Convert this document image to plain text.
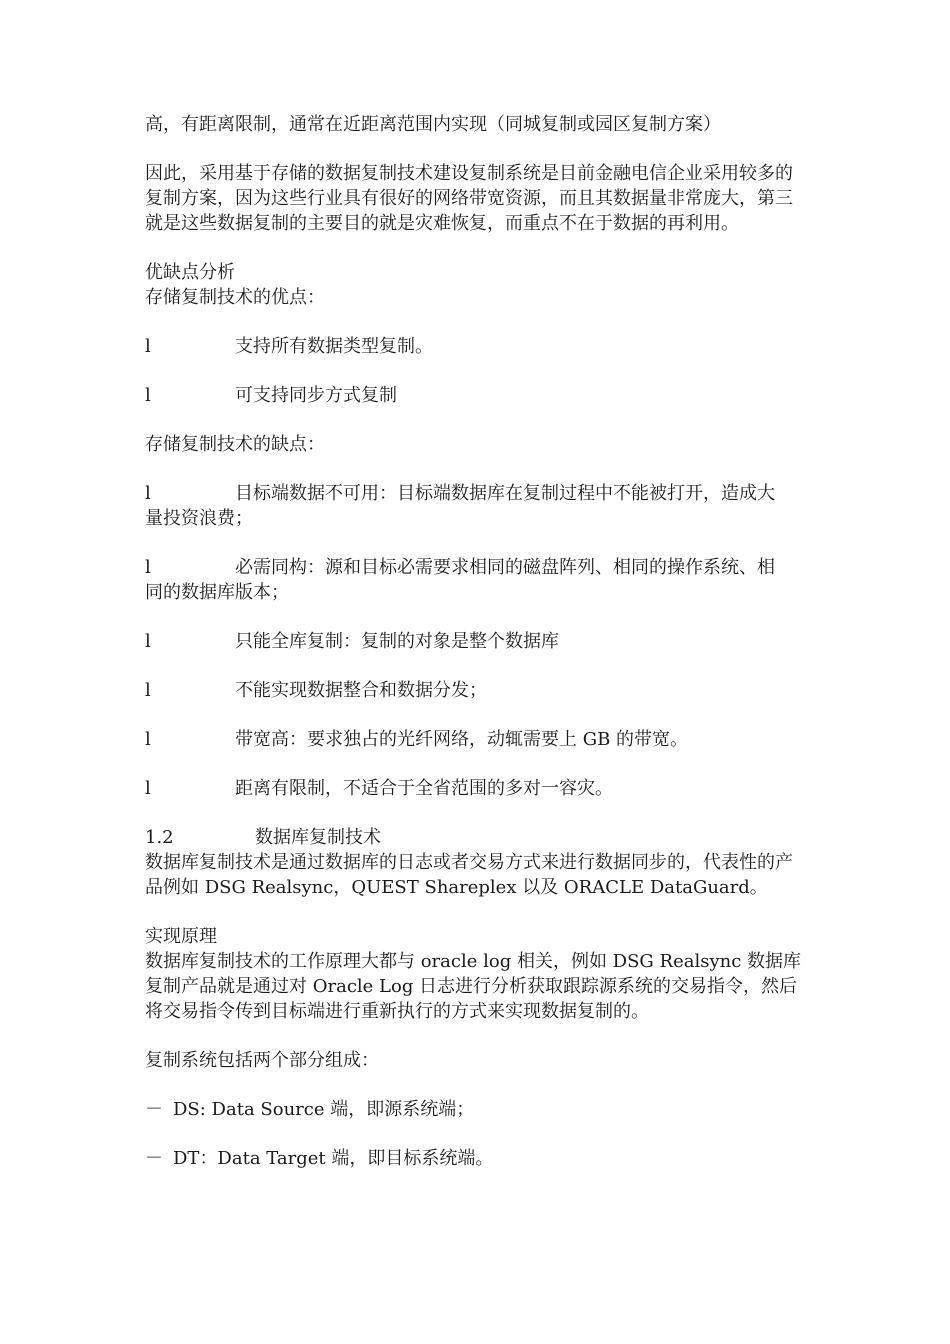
高，有距离限制，通常在近距离范围内实现（同城复制或园区复制方案）

因此，采用基于存储的数据复制技术建设复制系统是目前金融电信企业采用较多的复制方案，因为这些行业具有很好的网络带宽资源，而且其数据量非常庞大，第三就是这些数据复制的主要目的就是灾难恢复，而重点不在于数据的再利用。

优缺点分析

存储复制技术的优点：

l	支持所有数据类型复制。
l	可支持同步方式复制

存储复制技术的缺点：

l	目标端数据不可用：目标端数据库在复制过程中不能被打开，造成大
量投资浪费；
l	必需同构：源和目标必需要求相同的磁盘阵列、相同的操作系统、相
同的数据库版本；
l	只能全库复制：复制的对象是整个数据库
l	不能实现数据整合和数据分发；
l	带宽高：要求独占的光纤网络，动辄需要上 GB 的带宽。
l	距离有限制，不适合于全省范围的多对一容灾。
1.2	数据库复制技术

数据库复制技术是通过数据库的日志或者交易方式来进行数据同步的，代表性的产品例如 DSG Realsync，QUEST Shareplex 以及 ORACLE DataGuard。

实现原理

数据库复制技术的工作原理大都与 oracle log 相关，例如 DSG Realsync 数据库复制产品就是通过对 Oracle Log 日志进行分析获取跟踪源系统的交易指令，然后将交易指令传到目标端进行重新执行的方式来实现数据复制的。

复制系统包括两个部分组成：

－ DS: Data Source 端，即源系统端；
－ DT：Data Target 端，即目标系统端。
